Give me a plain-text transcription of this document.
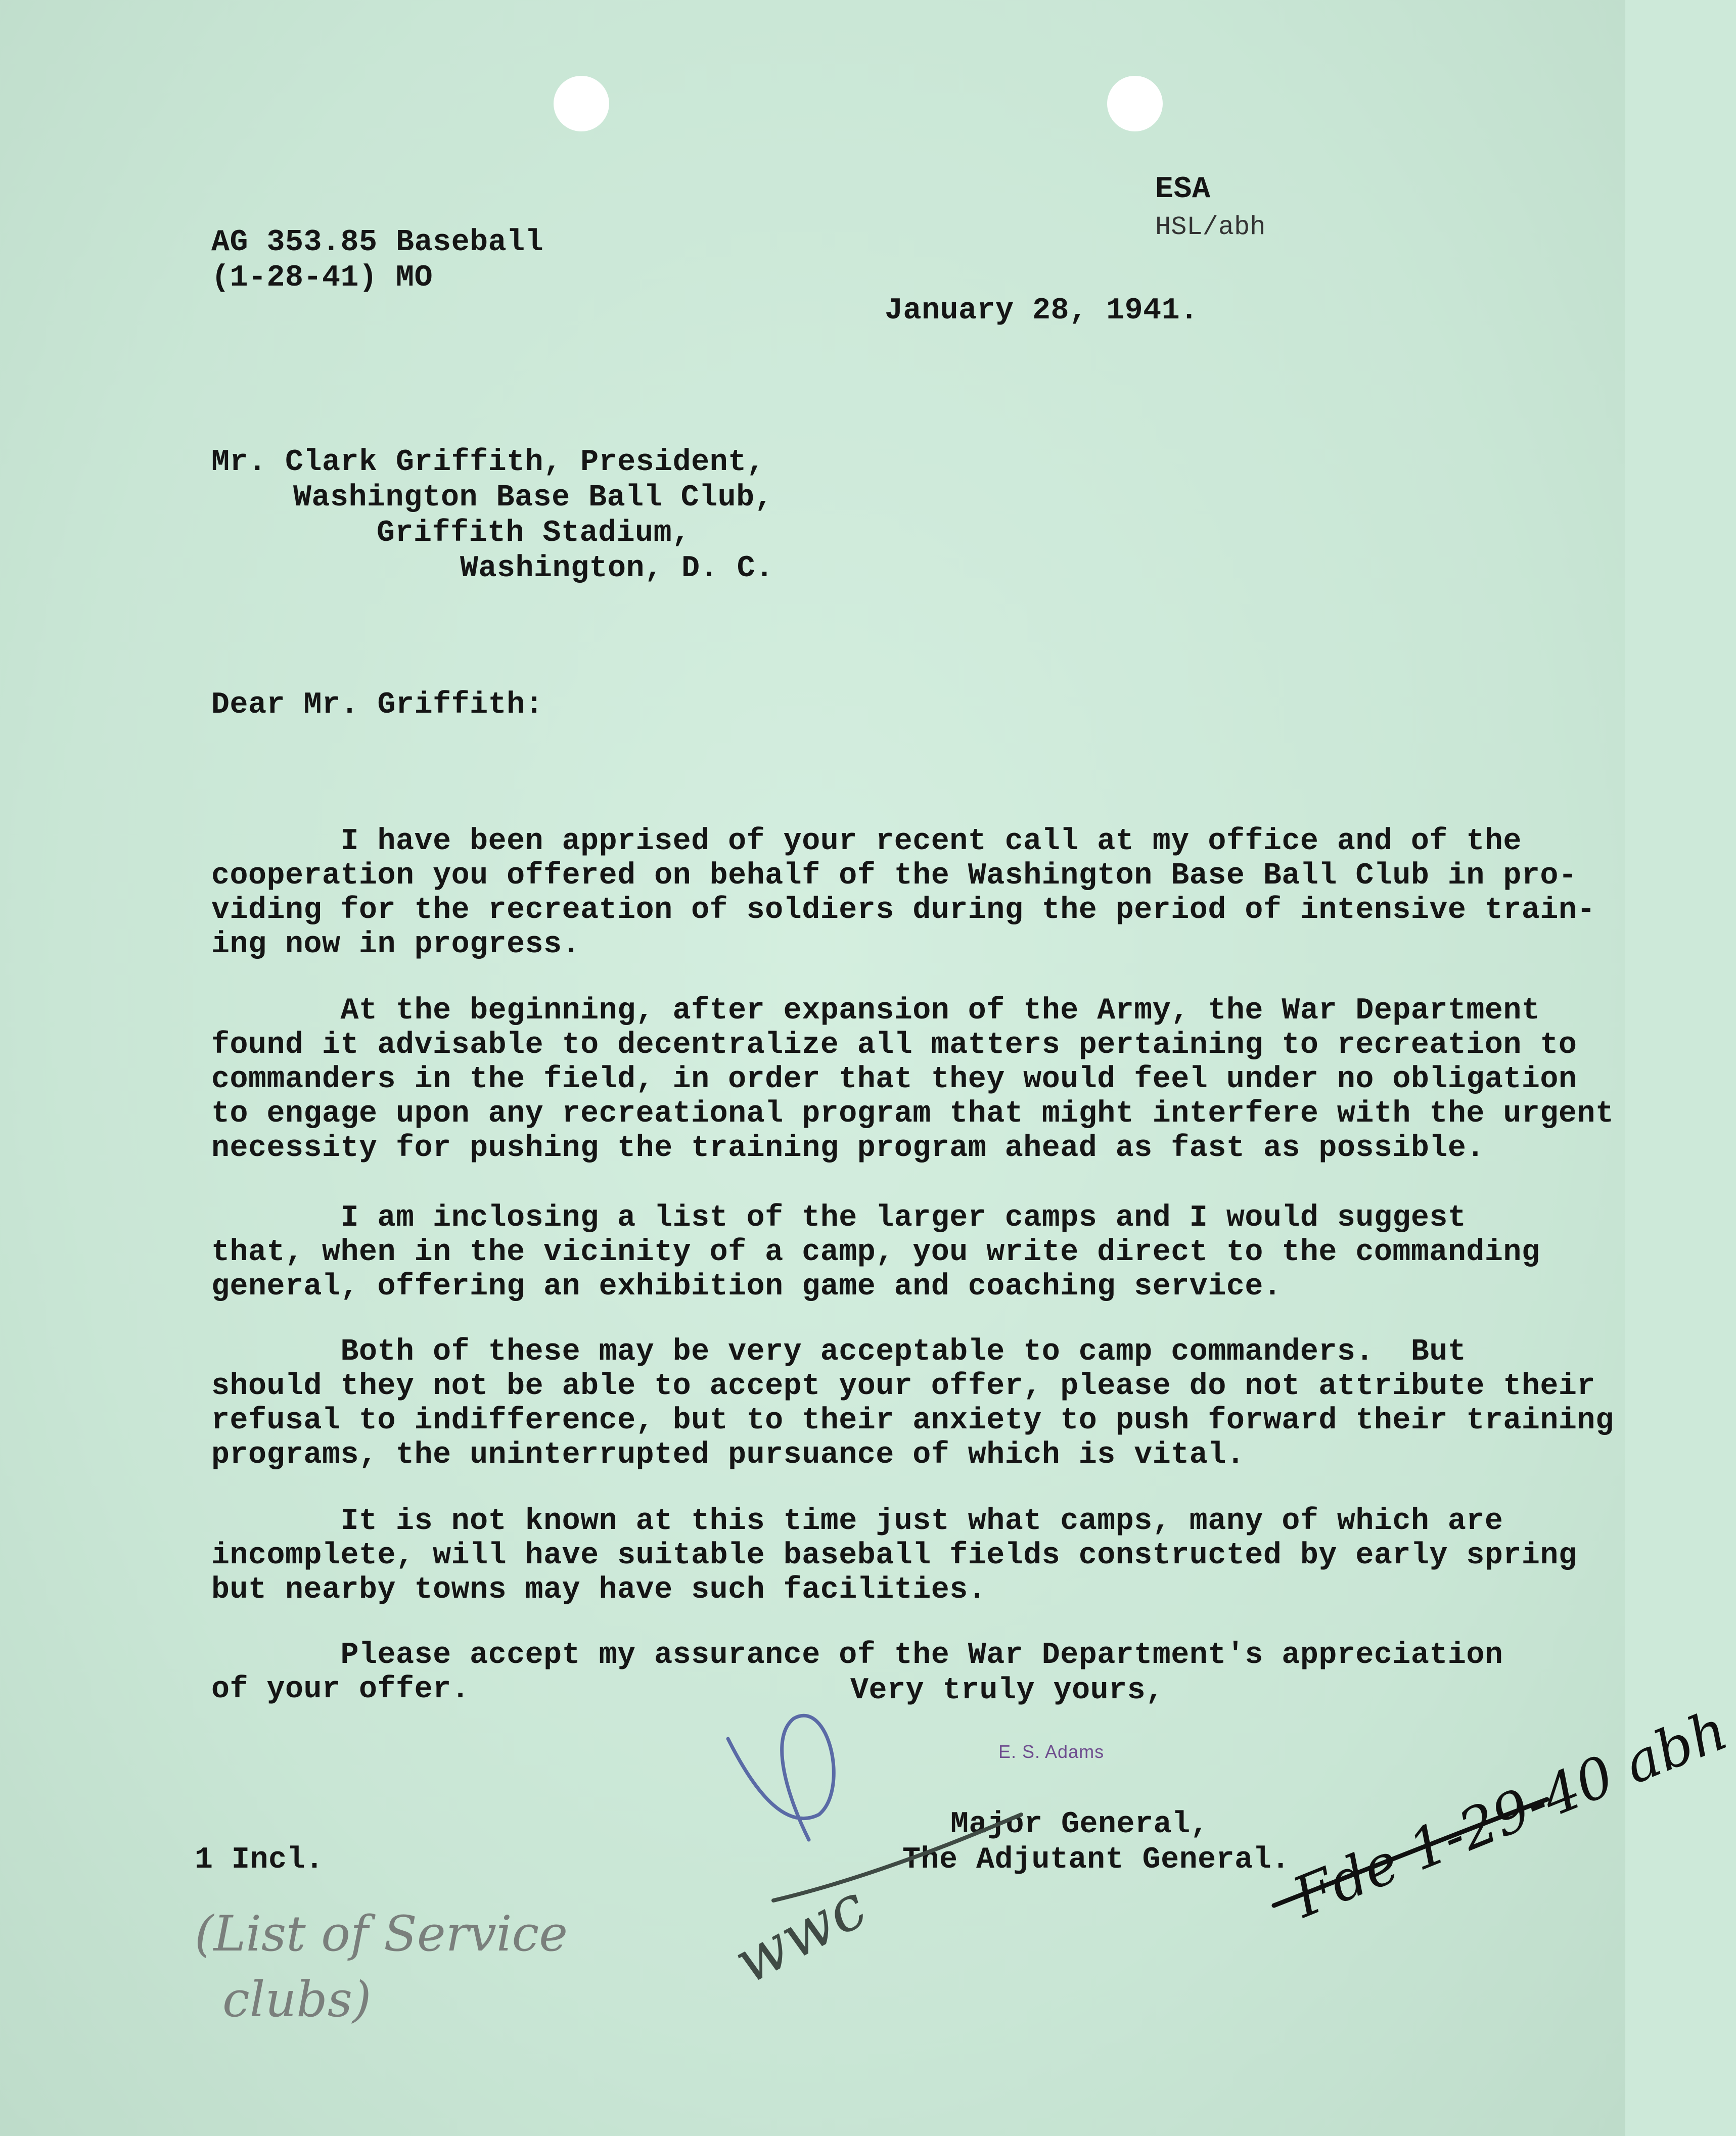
AG 353.85 Baseball
(1-28-41) MO
ESA
HSL/abh
January 28, 1941.
Mr. Clark Griffith, President,
Washington Base Ball Club,
Griffith Stadium,
Washington, D. C.
Dear Mr. Griffith:

I have been apprised of your recent call at my office and of the
cooperation you offered on behalf of the Washington Base Ball Club in pro-
viding for the recreation of soldiers during the period of intensive train-
ing now in progress.

At the beginning, after expansion of the Army, the War Department
found it advisable to decentralize all matters pertaining to recreation to
commanders in the field, in order that they would feel under no obligation
to engage upon any recreational program that might interfere with the urgent
necessity for pushing the training program ahead as fast as possible.

I am inclosing a list of the larger camps and I would suggest
that, when in the vicinity of a camp, you write direct to the commanding
general, offering an exhibition game and coaching service.

Both of these may be very acceptable to camp commanders.  But
should they not be able to accept your offer, please do not attribute their
refusal to indifference, but to their anxiety to push forward their training
programs, the uninterrupted pursuance of which is vital.

It is not known at this time just what camps, many of which are
incomplete, will have suitable baseball fields constructed by early spring
but nearby towns may have such facilities.

Please accept my assurance of the War Department's appreciation
of your offer.

	Very truly yours,
E. S. Adams
Major General,
The Adjutant General.
1 Incl.
(List of Service
clubs)
wwc
Fde 1-29-40 abh
